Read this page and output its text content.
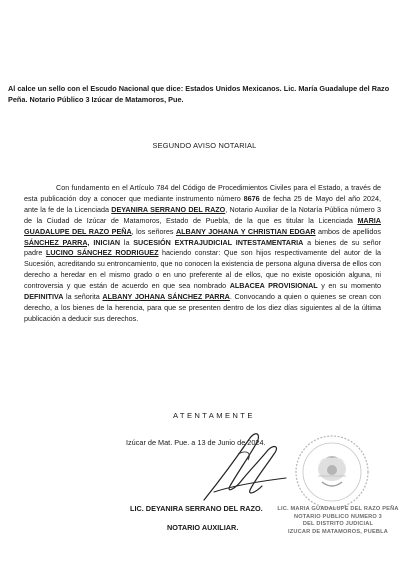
Al calce un sello con el Escudo Nacional que dice: Estados Unidos Mexicanos. Lic. María Guadalupe del Razo Peña. Notario Público 3 Izúcar de Matamoros, Pue.
SEGUNDO AVISO NOTARIAL
Con fundamento en el Artículo 784 del Código de Procedimientos Civiles para el Estado, a través de esta publicación doy a conocer que mediante instrumento número 8676 de fecha 25 de Mayo del año 2024, ante la fe de la Licenciada DEYANIRA SERRANO DEL RAZO, Notario Auxiliar de la Notaría Pública número 3 de la Ciudad de Izúcar de Matamoros, Estado de Puebla, de la que es titular la Licenciada MARIA GUADALUPE DEL RAZO PEÑA, los señores ALBANY JOHANA Y CHRISTIAN EDGAR ambos de apellidos SÁNCHEZ PARRA, INICIAN la SUCESIÓN EXTRAJUDICIAL INTESTAMENTARIA a bienes de su señor padre LUCINO SÁNCHEZ RODRIGUEZ haciendo constar: Que son hijos respectivamente del autor de la Sucesión, acreditando su entroncamiento, que no conocen la existencia de persona alguna diversa de ellos con derecho a heredar en el mismo grado o en uno preferente al de ellos, que no existe oposición alguna, ni controversia y que están de acuerdo en que sea nombrado ALBACEA PROVISIONAL y en su momento DEFINITIVA la señorita ALBANY JOHANA SÁNCHEZ PARRA. Convocando a quien o quienes se crean con derecho, a los bienes de la herencia, para que se presenten dentro de los diez días siguientes al de la última publicación a deducir sus derechos.
ATENTAMENTE
Izúcar de Mat. Pue. a 13 de Junio de 2024.
LIC. DEYANIRA SERRANO DEL RAZO.
NOTARIO AUXILIAR.
LIC. MARIA GUADALUPE DEL RAZO PEÑA
NOTARIO PUBLICO NUMERO 3
DEL DISTRITO JUDICIAL
IZUCAR DE MATAMOROS, PUEBLA
